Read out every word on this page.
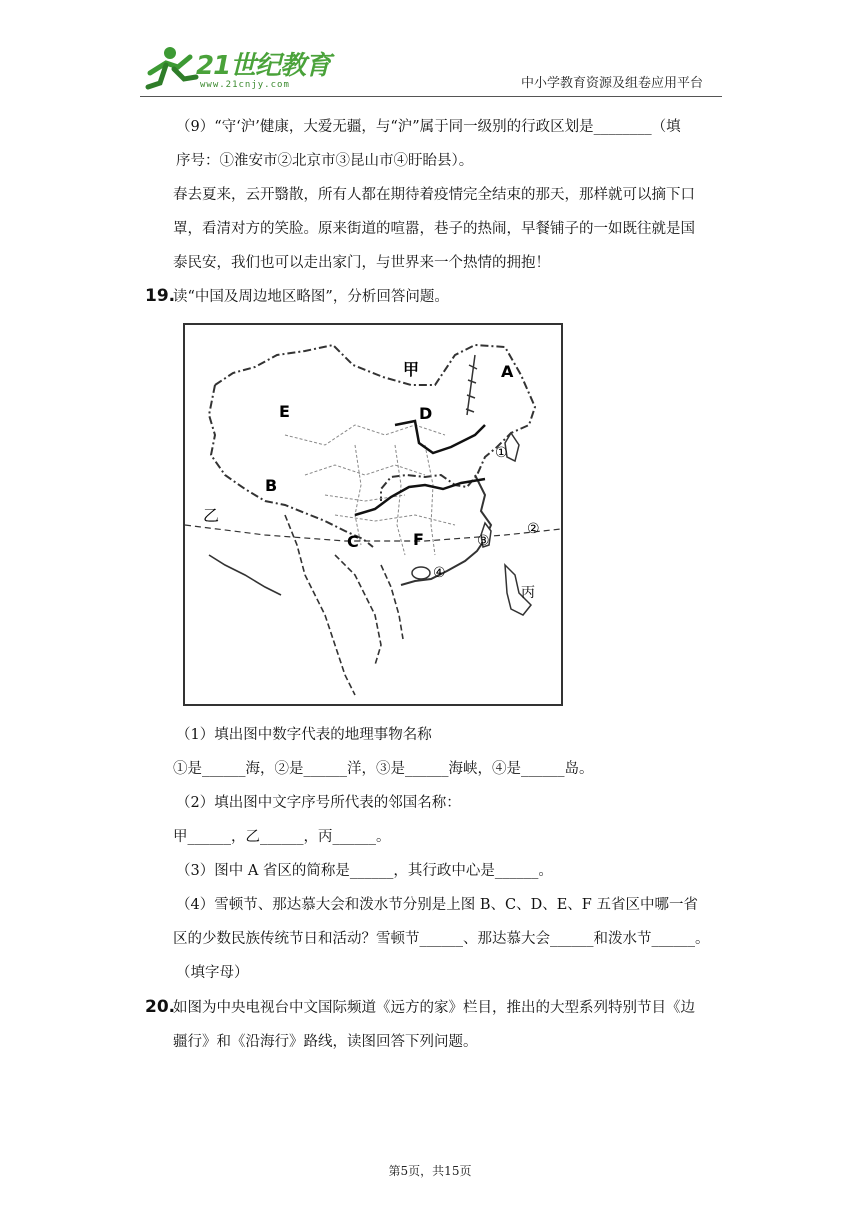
21世纪教育
www.21cnjy.com	中小学教育资源及组卷应用平台
（9）“守‘沪’健康，大爱无疆，与“沪”属于同一级别的行政区划是________（填
序号：①淮安市②北京市③昆山市④盱眙县）。
春去夏来，云开翳散，所有人都在期待着疫情完全结束的那天，那样就可以摘下口
罩，看清对方的笑脸。原来街道的喧嚣，巷子的热闹，早餐铺子的一如既往就是国
泰民安，我们也可以走出家门，与世界来一个热情的拥抱！
19.
读“中国及周边地区略图”，分析回答问题。
甲
乙
丙
A
B
C
D
E
F
①
②
③
④
（1）填出图中数字代表的地理事物名称
①是______海，②是______洋，③是______海峡，④是______岛。
（2）填出图中文字序号所代表的邻国名称：
甲______，乙______，丙______。
（3）图中 A 省区的简称是______，其行政中心是______。
（4）雪顿节、那达慕大会和泼水节分别是上图 B、C、D、E、F 五省区中哪一省
区的少数民族传统节日和活动？雪顿节______、那达慕大会______和泼水节______。
（填字母）
20.
如图为中央电视台中文国际频道《远方的家》栏目，推出的大型系列特别节目《边
疆行》和《沿海行》路线，读图回答下列问题。
第5页，共15页
